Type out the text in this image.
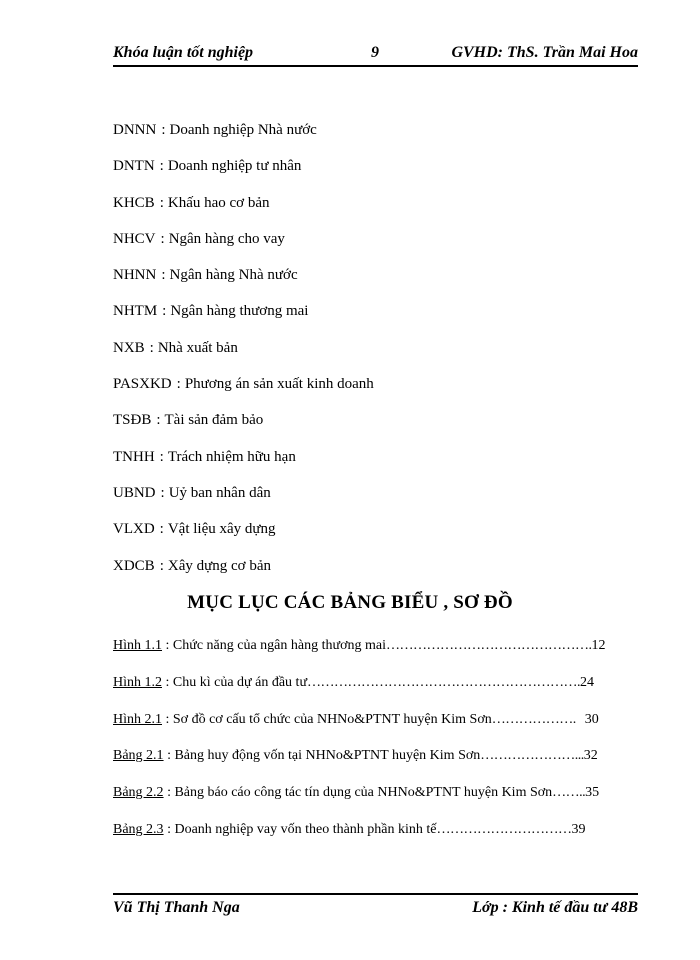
Khóa luận tốt nghiệp	9	GVHD: ThS. Trần Mai Hoa
DNNN : Doanh nghiệp Nhà nước
DNTN : Doanh nghiệp tư nhân
KHCB : Khấu hao cơ bản
NHCV : Ngân hàng cho vay
NHNN : Ngân hàng Nhà nước
NHTM : Ngân hàng thương mai
NXB : Nhà xuất bản
PASXKD : Phương án sản xuất kinh doanh
TSĐB : Tài sản đảm bảo
TNHH : Trách nhiệm hữu hạn
UBND : Uỷ ban nhân dân
VLXD : Vật liệu xây dựng
XDCB : Xây dựng cơ bản
MỤC LỤC CÁC BẢNG BIỂU , SƠ ĐỒ
Hình 1.1 : Chức năng của ngân hàng thương mai……………………………………….12
Hình 1.2 : Chu kì của dự án đầu tư…………………………………………………….24
Hình 2.1 : Sơ đồ cơ cấu tổ chức của NHNo&PTNT huyện Kim Sơn……………….   30
Bảng 2.1 : Bảng huy động vốn tại NHNo&PTNT huyện Kim Sơn…………………...32
Bảng 2.2 : Bảng báo cáo công tác tín dụng của NHNo&PTNT huyện Kim Sơn……..35
Bảng 2.3 : Doanh nghiệp vay vốn theo thành phần kinh tế…………………………39
Vũ Thị Thanh Nga	Lớp : Kinh tế đầu tư 48B
